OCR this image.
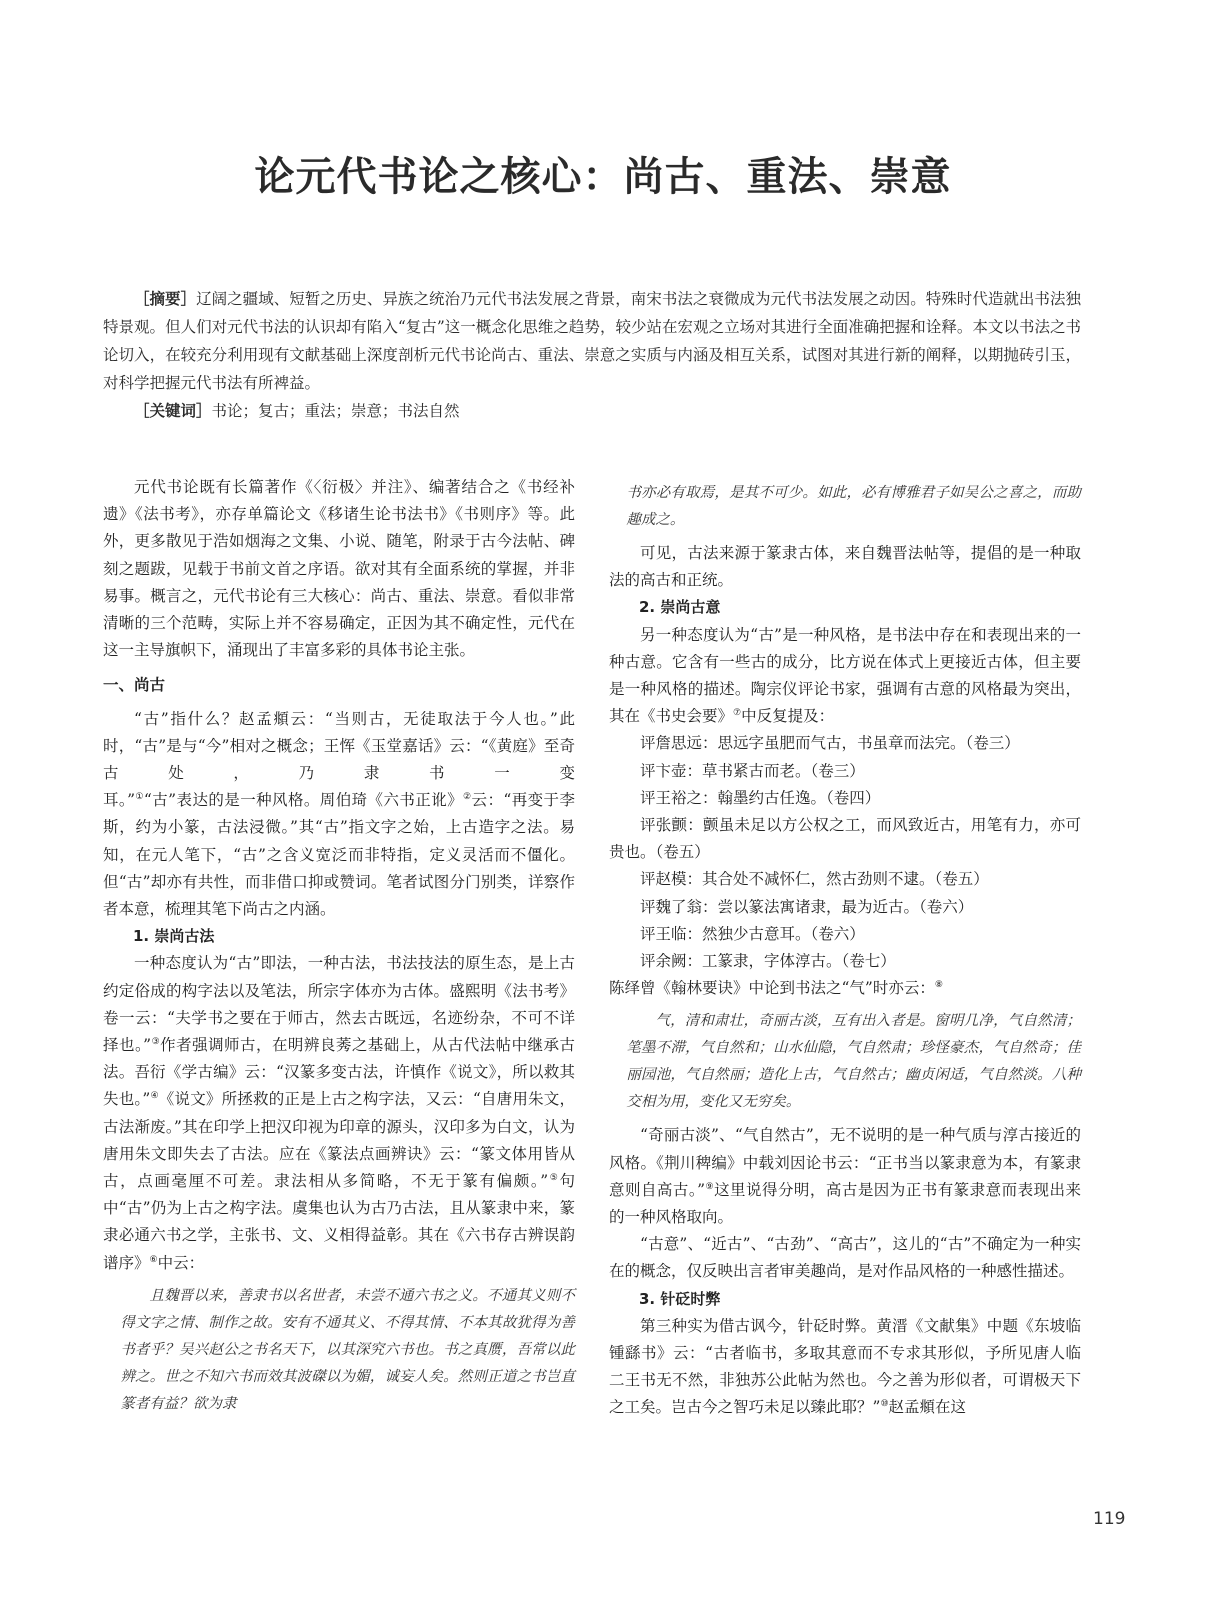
论元代书论之核心：尚古、重法、崇意

［摘要］辽阔之疆域、短暂之历史、异族之统治乃元代书法发展之背景，南宋书法之衰微成为元代书法发展之动因。特殊时代造就出书法独特景观。但人们对元代书法的认识却有陷入“复古”这一概念化思维之趋势，较少站在宏观之立场对其进行全面准确把握和诠释。本文以书法之书论切入，在较充分利用现有文献基础上深度剖析元代书论尚古、重法、崇意之实质与内涵及相互关系，试图对其进行新的阐释，以期抛砖引玉，对科学把握元代书法有所裨益。

［关键词］书论；复古；重法；崇意；书法自然

元代书论既有长篇著作《〈衍极〉并注》、编著结合之《书经补遗》《法书考》，亦存单篇论文《移诸生论书法书》《书则序》等。此外，更多散见于浩如烟海之文集、小说、随笔，附录于古今法帖、碑刻之题跋，见载于书前文首之序语。欲对其有全面系统的掌握，并非易事。概言之，元代书论有三大核心：尚古、重法、崇意。看似非常清晰的三个范畴，实际上并不容易确定，正因为其不确定性，元代在这一主导旗帜下，涌现出了丰富多彩的具体书论主张。

一、尚古

“古”指什么？赵孟頫云：“当则古，无徒取法于今人也。”此时，“古”是与“今”相对之概念；王恽《玉堂嘉话》云：“《黄庭》至奇古处，乃隶书一变耳。”①“古”表达的是一种风格。周伯琦《六书正讹》②云：“再变于李斯，约为小篆，古法浸微。”其“古”指文字之始，上古造字之法。易知，在元人笔下，“古”之含义宽泛而非特指，定义灵活而不僵化。但“古”却亦有共性，而非借口抑或赞词。笔者试图分门别类，详察作者本意，梳理其笔下尚古之内涵。

1. 崇尚古法

一种态度认为“古”即法，一种古法，书法技法的原生态，是上古约定俗成的构字法以及笔法，所宗字体亦为古体。盛熙明《法书考》卷一云：“夫学书之要在于师古，然去古既远，名迹纷杂，不可不详择也。”③作者强调师古，在明辨良莠之基础上，从古代法帖中继承古法。吾衍《学古编》云：“汉篆多变古法，许慎作《说文》，所以救其失也。”④《说文》所拯救的正是上古之构字法，又云：“自唐用朱文，古法渐废。”其在印学上把汉印视为印章的源头，汉印多为白文，认为唐用朱文即失去了古法。应在《篆法点画辨诀》云：“篆文体用皆从古，点画毫厘不可差。隶法相从多简略，不无于篆有偏颇。”⑤句中“古”仍为上古之构字法。虞集也认为古乃古法，且从篆隶中来，篆隶必通六书之学，主张书、文、义相得益彰。其在《六书存古辨误韵谱序》⑥中云：

且魏晋以来，善隶书以名世者，未尝不通六书之义。不通其义则不得文字之情、制作之故。安有不通其义、不得其情、不本其故犹得为善书者乎？吴兴赵公之书名天下，以其深究六书也。书之真赝，吾常以此辨之。世之不知六书而效其波磔以为媚，诚妄人矣。然则正道之书岂直篆者有益？欲为隶

书亦必有取焉，是其不可少。如此，必有博雅君子如吴公之喜之，而助趣成之。

可见，古法来源于篆隶古体，来自魏晋法帖等，提倡的是一种取法的高古和正统。

2. 崇尚古意

另一种态度认为“古”是一种风格，是书法中存在和表现出来的一种古意。它含有一些古的成分，比方说在体式上更接近古体，但主要是一种风格的描述。陶宗仪评论书家，强调有古意的风格最为突出，其在《书史会要》⑦中反复提及：

评詹思远：思远字虽肥而气古，书虽章而法完。（卷三）

评卞壶：草书紧古而老。（卷三）

评王裕之：翰墨约古任逸。（卷四）

评张颤：颤虽未足以方公权之工，而风致近古，用笔有力，亦可贵也。（卷五）

评赵模：其合处不减怀仁，然古劲则不逮。（卷五）

评魏了翁：尝以篆法寓诸隶，最为近古。（卷六）

评王临：然独少古意耳。（卷六）

评余阙：工篆隶，字体淳古。（卷七）

陈绎曾《翰林要诀》中论到书法之“气”时亦云：⑧

气，清和肃壮，奇丽古淡，互有出入者是。窗明几净，气自然清；笔墨不滞，气自然和；山水仙隐，气自然肃；珍怪豪杰，气自然奇；佳丽园池，气自然丽；造化上古，气自然古；幽贞闲适，气自然淡。八种交相为用，变化又无穷矣。

“奇丽古淡”、“气自然古”，无不说明的是一种气质与淳古接近的风格。《荆川稗编》中载刘因论书云：“正书当以篆隶意为本，有篆隶意则自高古。”⑨这里说得分明，高古是因为正书有篆隶意而表现出来的一种风格取向。

“古意”、“近古”、“古劲”、“高古”，这儿的“古”不确定为一种实在的概念，仅反映出言者审美趣尚，是对作品风格的一种感性描述。

3. 针砭时弊

第三种实为借古讽今，针砭时弊。黄溍《文献集》中题《东坡临锺繇书》云：“古者临书，多取其意而不专求其形似，予所见唐人临二王书无不然，非独苏公此帖为然也。今之善为形似者，可谓极天下之工矣。岂古今之智巧未足以臻此耶？”⑩赵孟頫在这

119
